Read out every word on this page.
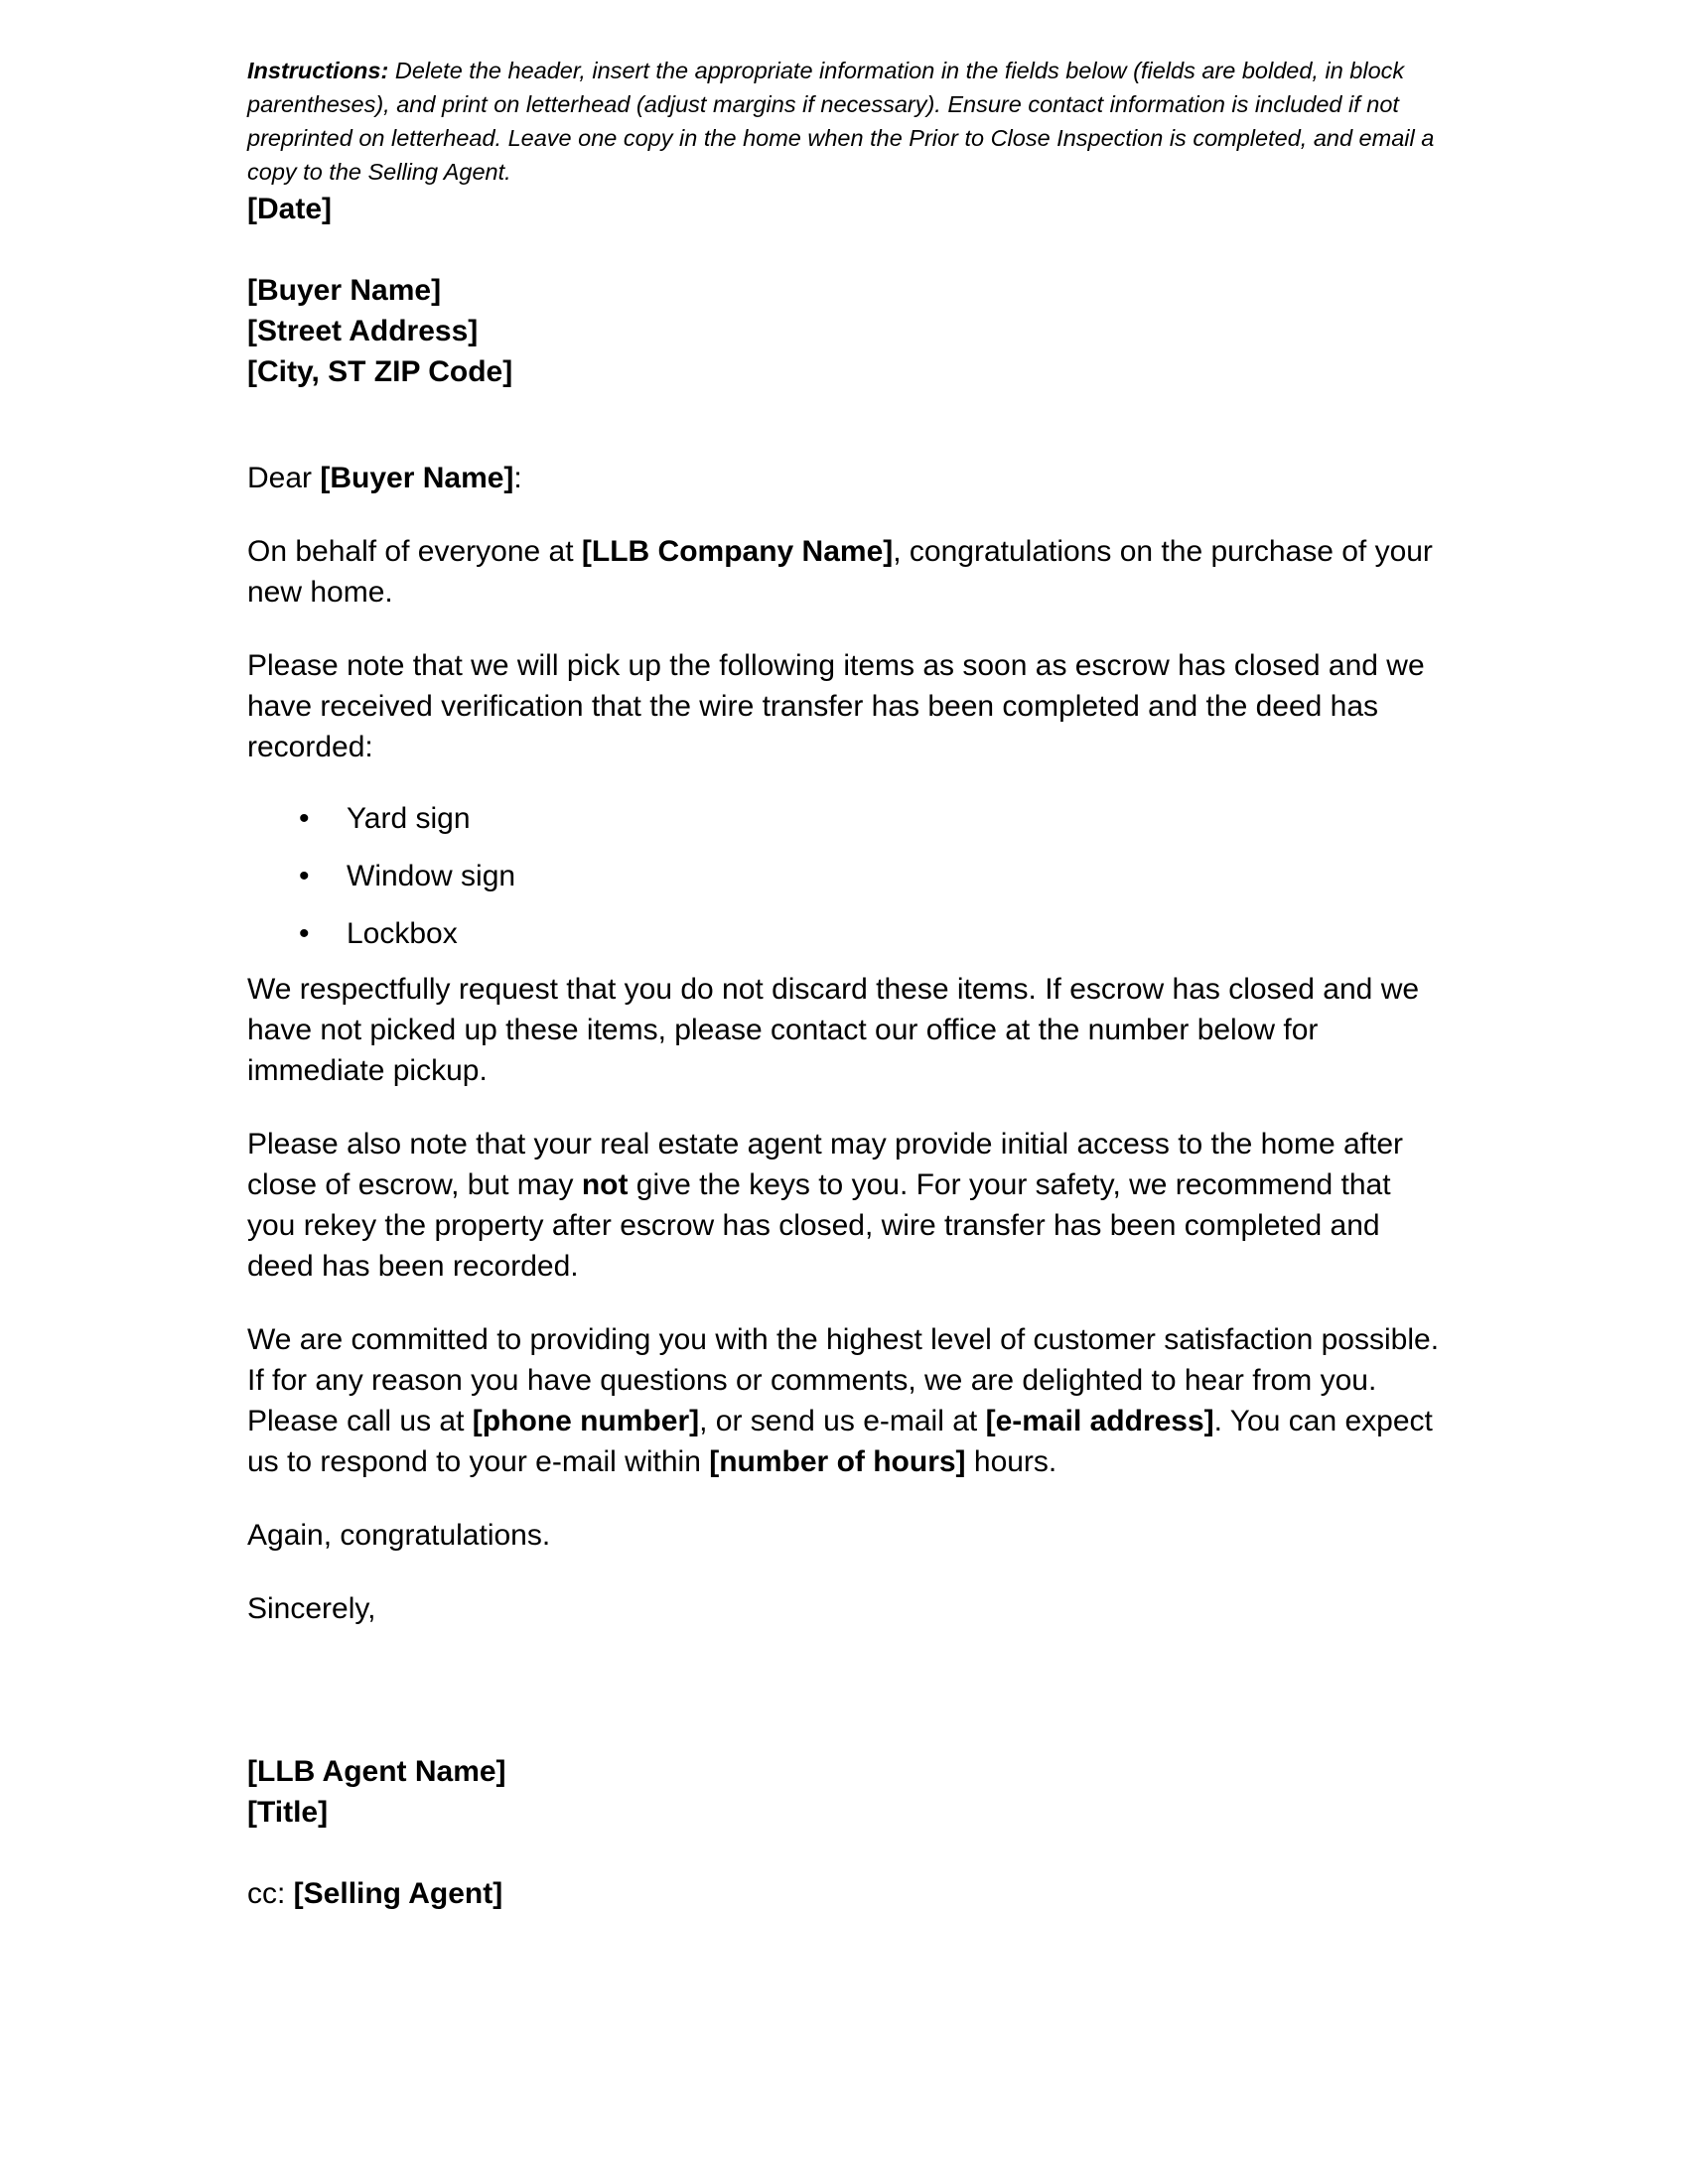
Instructions: Delete the header, insert the appropriate information in the fields below (fields are bolded, in block parentheses), and print on letterhead (adjust margins if necessary). Ensure contact information is included if not preprinted on letterhead. Leave one copy in the home when the Prior to Close Inspection is completed, and email a copy to the Selling Agent.

[Date]

[Buyer Name]

[Street Address]

[City, ST ZIP Code]

Dear [Buyer Name]:

On behalf of everyone at [LLB Company Name], congratulations on the purchase of your new home.

Please note that we will pick up the following items as soon as escrow has closed and we have received verification that the wire transfer has been completed and the deed has recorded:

• Yard sign
• Window sign
• Lockbox

We respectfully request that you do not discard these items. If escrow has closed and we have not picked up these items, please contact our office at the number below for immediate pickup.

Please also note that your real estate agent may provide initial access to the home after close of escrow, but may not give the keys to you. For your safety, we recommend that you rekey the property after escrow has closed, wire transfer has been completed and deed has been recorded.

We are committed to providing you with the highest level of customer satisfaction possible. If for any reason you have questions or comments, we are delighted to hear from you. Please call us at [phone number], or send us e-mail at [e-mail address]. You can expect us to respond to your e-mail within [number of hours] hours.

Again, congratulations.

Sincerely,

[LLB Agent Name]

[Title]

cc: [Selling Agent]
